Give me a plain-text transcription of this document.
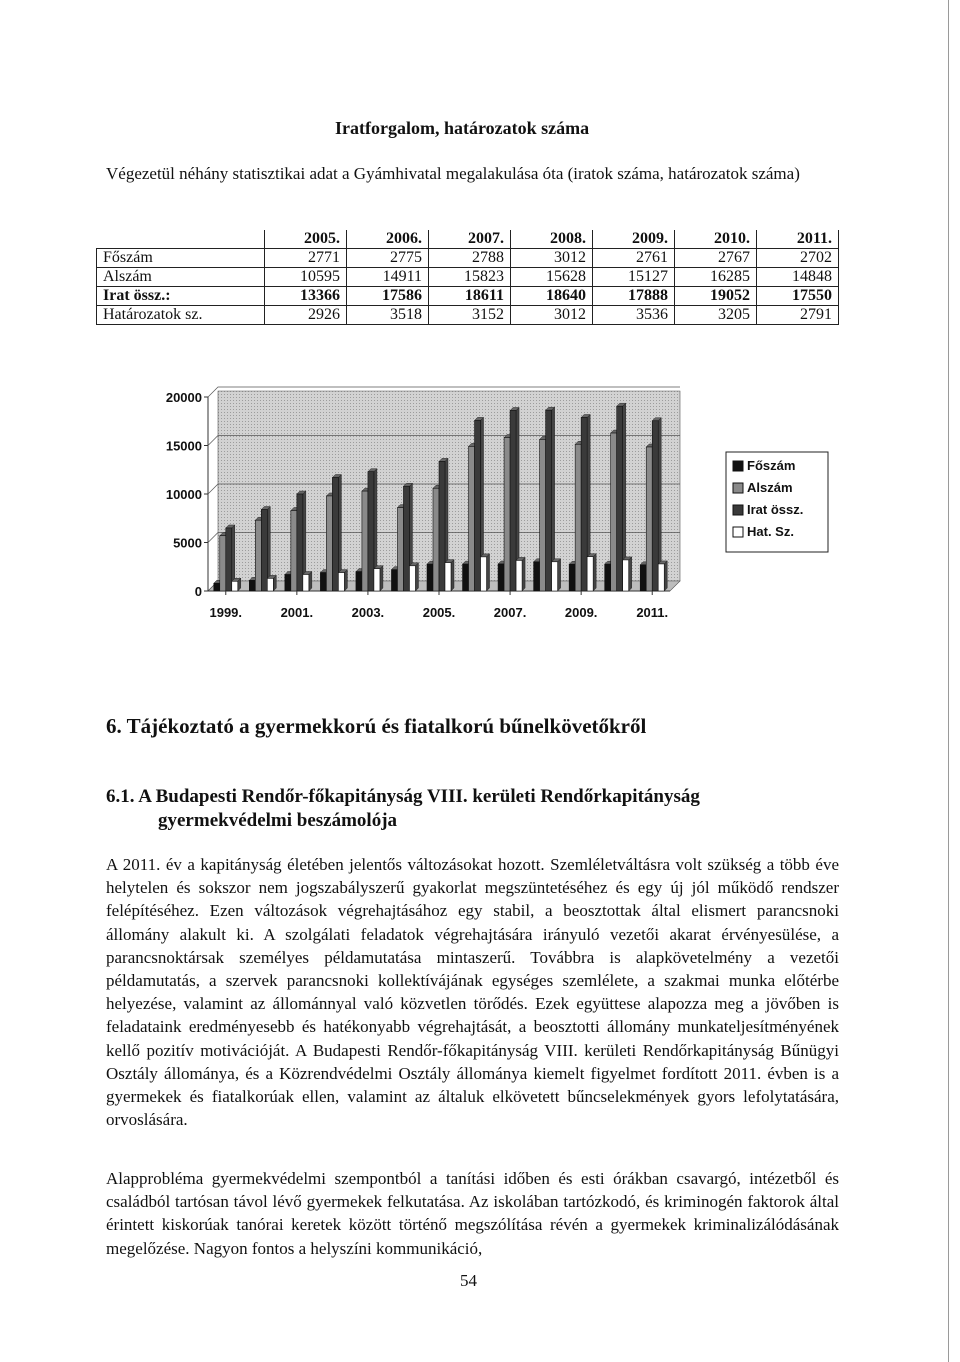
Iratforgalom, határozatok száma
Végezetül néhány statisztikai adat a Gyámhivatal megalakulása óta (iratok száma, határozatok száma)
	2005.	2006.	2007.	2008.	2009.	2010.	2011.
Főszám	2771	2775	2788	3012	2761	2767	2702
Alszám	10595	14911	15823	15628	15127	16285	14848
Irat össz.:	13366	17586	18611	18640	17888	19052	17550
Határozatok sz.	2926	3518	3152	3012	3536	3205	2791
0
5000
10000
15000
20000
1999.	2001.	2003.	2005.	2007.	2009.	2011.
Főszám
Alszám
Irat össz.
Hat. Sz.
6. Tájékoztató a gyermekkorú és fiatalkorú bűnelkövetőkről
6.1. A Budapesti Rendőr-főkapitányság VIII. kerületi Rendőrkapitányság
gyermekvédelmi beszámolója
A 2011. év a kapitányság életében jelentős változásokat hozott. Szemléletváltásra volt szükség a több éve helytelen és sokszor nem jogszabályszerű gyakorlat megszüntetéséhez és egy új jól működő rendszer felépítéséhez. Ezen változások végrehajtásához egy stabil, a beosztottak által elismert parancsnoki állomány alakult ki. A szolgálati feladatok végrehajtására irányuló vezetői akarat érvényesülése, a parancsnoktársak személyes példamutatása mintaszerű. Továbbra is alapkövetelmény a vezetői példamutatás, a szervek parancsnoki kollektívájának egységes szemlélete, a szakmai munka előtérbe helyezése, valamint az állománnyal való közvetlen törődés. Ezek együttese alapozza meg a jövőben is feladataink eredményesebb és hatékonyabb végrehajtását, a beosztotti állomány munkateljesítményének kellő pozitív motivációját. A Budapesti Rendőr-főkapitányság VIII. kerületi Rendőrkapitányság Bűnügyi Osztály állománya, és a Közrendvédelmi Osztály állománya kiemelt figyelmet fordított 2011. évben is a gyermekek és fiatalkorúak ellen, valamint az általuk elkövetett bűncselekmények gyors lefolytatására, orvoslására.
Alapprobléma gyermekvédelmi szempontból a tanítási időben és esti órákban csavargó, intézetből és családból tartósan távol lévő gyermekek felkutatása. Az iskolában tartózkodó, és kriminogén faktorok által érintett kiskorúak tanórai keretek között történő megszólítása révén a gyermekek kriminalizálódásának megelőzése. Nagyon fontos a helyszíni kommunikáció,
54
